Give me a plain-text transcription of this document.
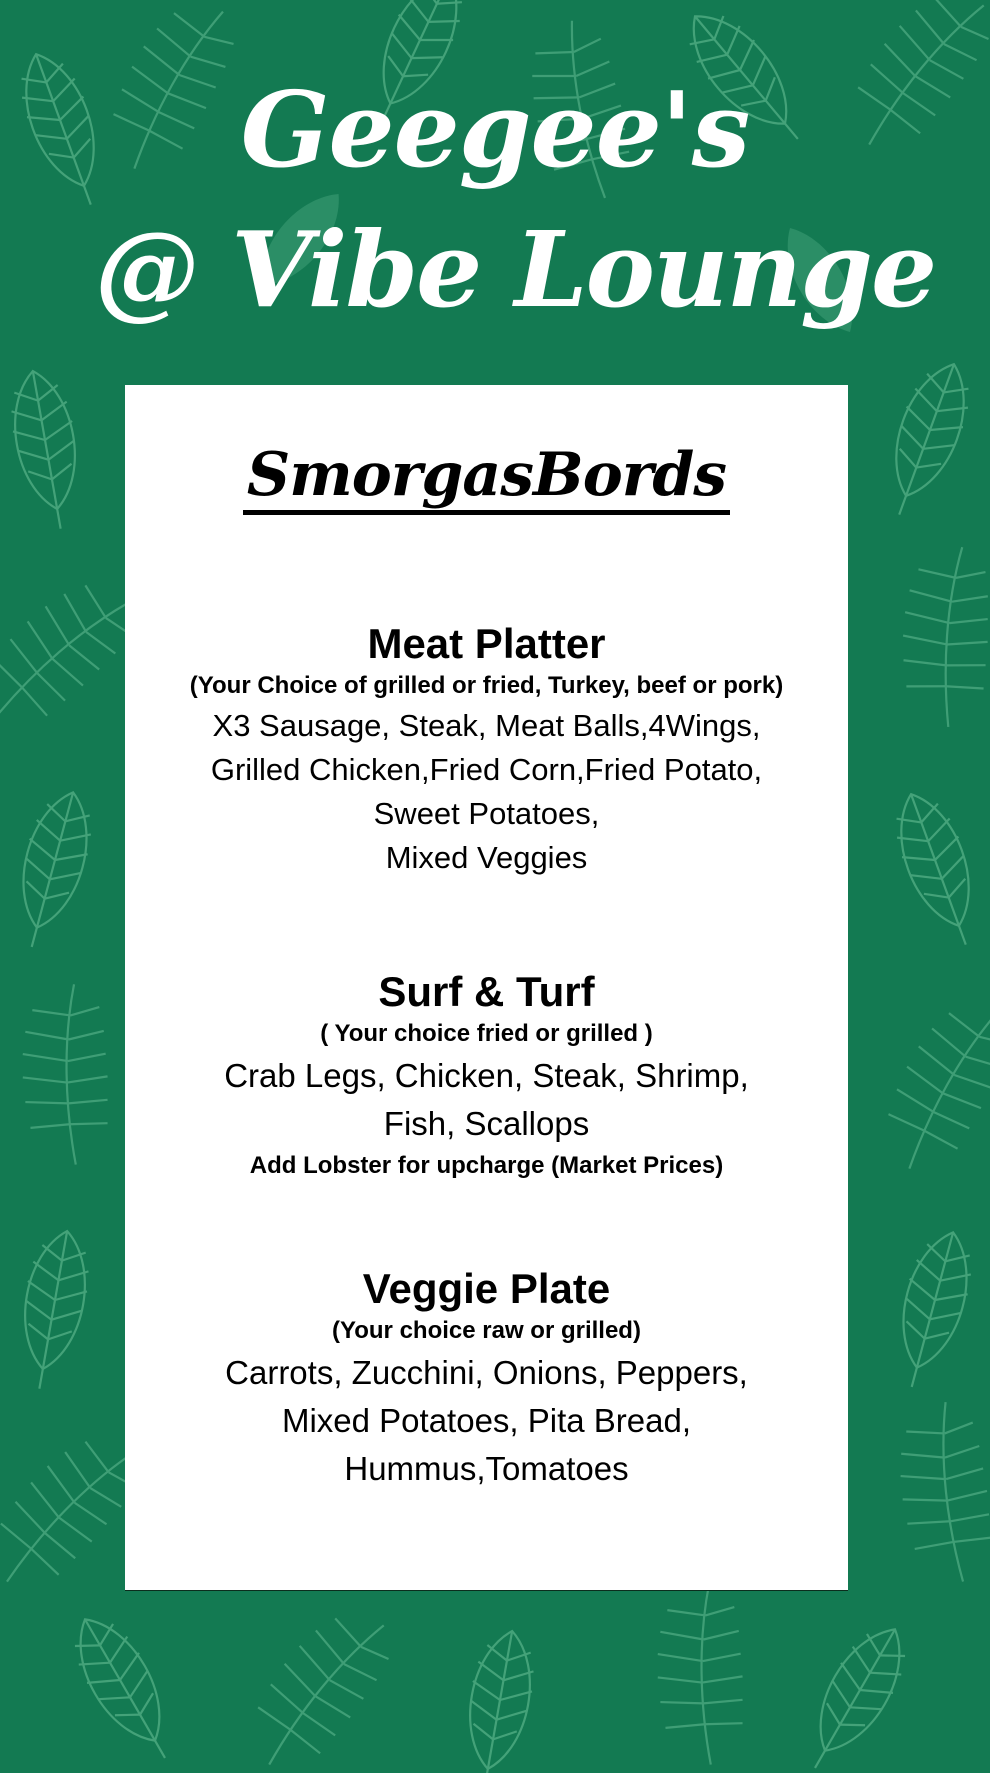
Geegee's
@ Vibe Lounge
SmorgasBords
Meat Platter
(Your Choice of grilled or fried, Turkey, beef or pork)
X3 Sausage, Steak, Meat Balls,4Wings,
Grilled Chicken,Fried Corn,Fried Potato,
Sweet Potatoes,
Mixed Veggies
Surf & Turf
( Your choice fried or grilled )
Crab Legs, Chicken, Steak, Shrimp,
Fish, Scallops
Add Lobster for upcharge (Market Prices)
Veggie Plate
(Your choice raw or grilled)
Carrots, Zucchini, Onions, Peppers,
Mixed Potatoes, Pita Bread,
Hummus,Tomatoes
